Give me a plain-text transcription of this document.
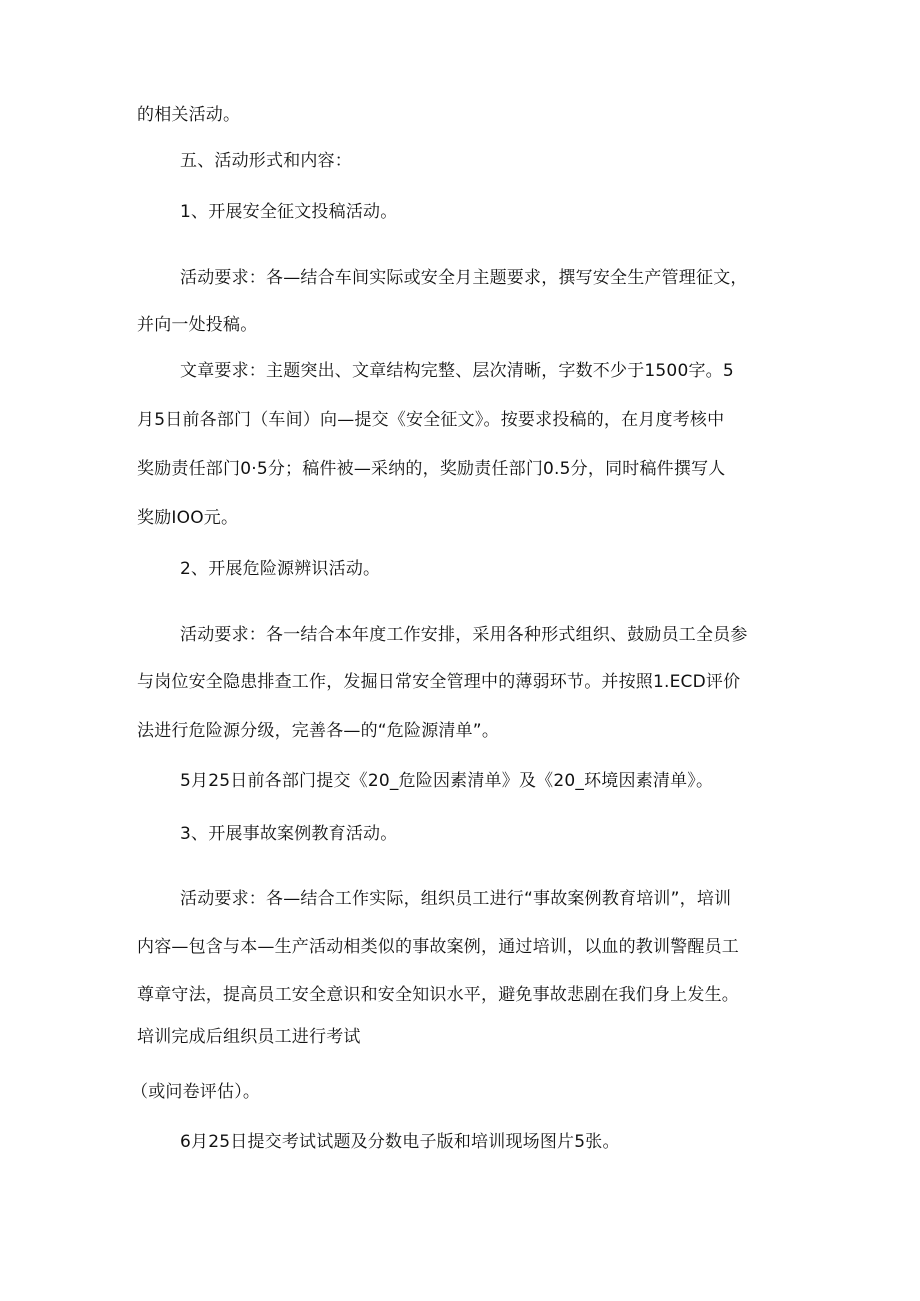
的相关活动。
五、活动形式和内容：
1、开展安全征文投稿活动。
活动要求：各—结合车间实际或安全月主题要求，撰写安全生产管理征文，
并向一处投稿。
文章要求：主题突出、文章结构完整、层次清晰，字数不少于1500字。5
月5日前各部门（车间）向—提交《安全征文》。按要求投稿的，在月度考核中
奖励责任部门0·5分；稿件被—采纳的，奖励责任部门0.5分，同时稿件撰写人
奖励IOO元。
2、开展危险源辨识活动。
活动要求：各一结合本年度工作安排，采用各种形式组织、鼓励员工全员参
与岗位安全隐患排查工作，发掘日常安全管理中的薄弱环节。并按照1.ECD评价
法进行危险源分级，完善各—的“危险源清单”。
5月25日前各部门提交《20_危险因素清单》及《20_环境因素清单》。
3、开展事故案例教育活动。
活动要求：各—结合工作实际，组织员工进行“事故案例教育培训”，培训
内容—包含与本—生产活动相类似的事故案例，通过培训，以血的教训警醒员工
尊章守法，提高员工安全意识和安全知识水平，避免事故悲剧在我们身上发生。
培训完成后组织员工进行考试
（或问卷评估）。
6月25日提交考试试题及分数电子版和培训现场图片5张。
